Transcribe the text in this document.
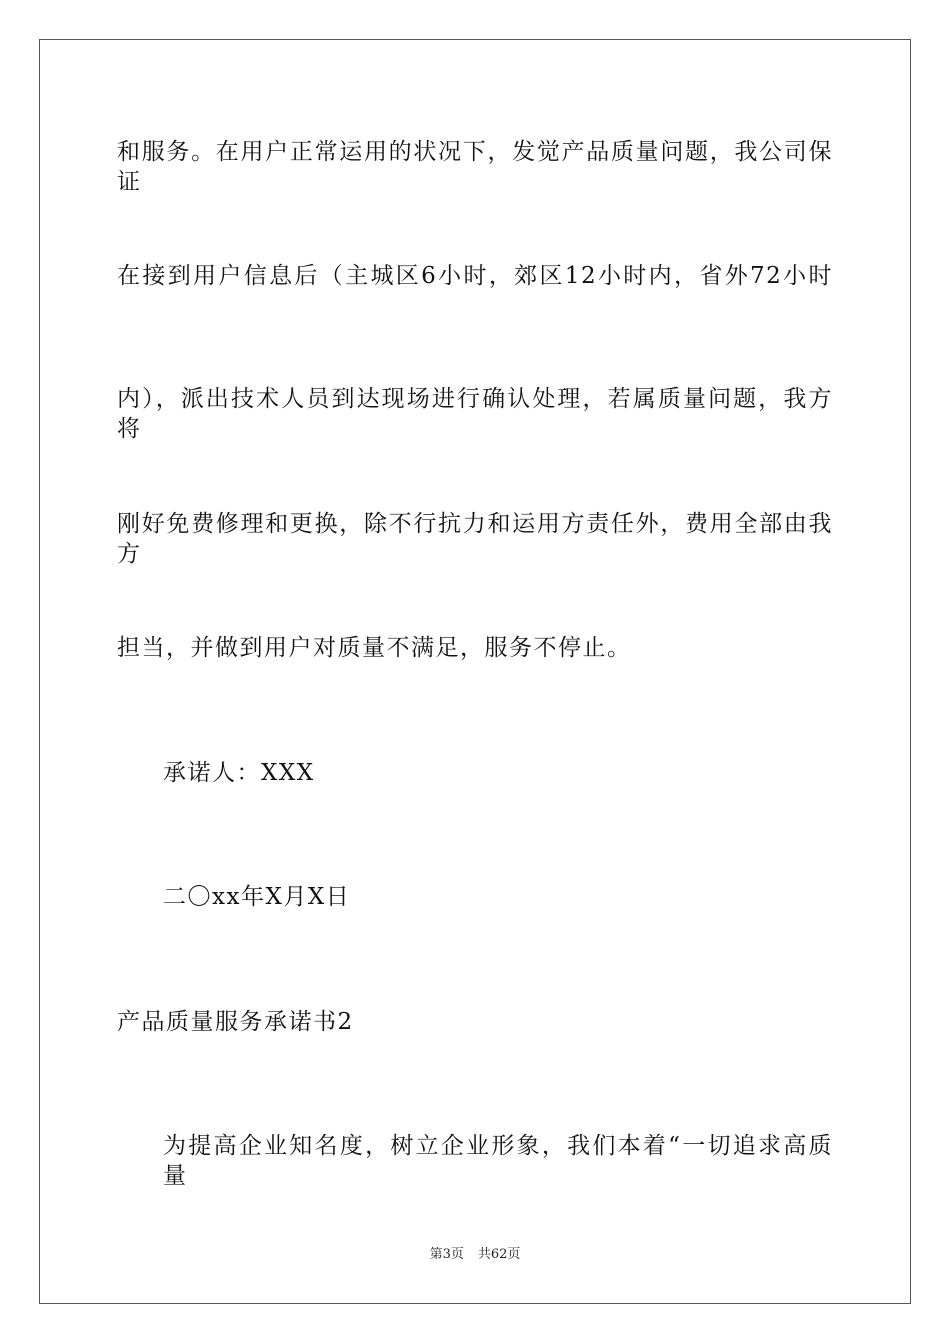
和服务。在用户正常运用的状况下，发觉产品质量问题，我公司保证
在接到用户信息后（主城区6小时，郊区12小时内，省外72小时
内），派出技术人员到达现场进行确认处理，若属质量问题，我方将
刚好免费修理和更换，除不行抗力和运用方责任外，费用全部由我方
担当，并做到用户对质量不满足，服务不停止。
承诺人：XXX
二〇xx年X月X日
产品质量服务承诺书2
为提高企业知名度，树立企业形象，我们本着“一切追求高质量
第3页 共62页
